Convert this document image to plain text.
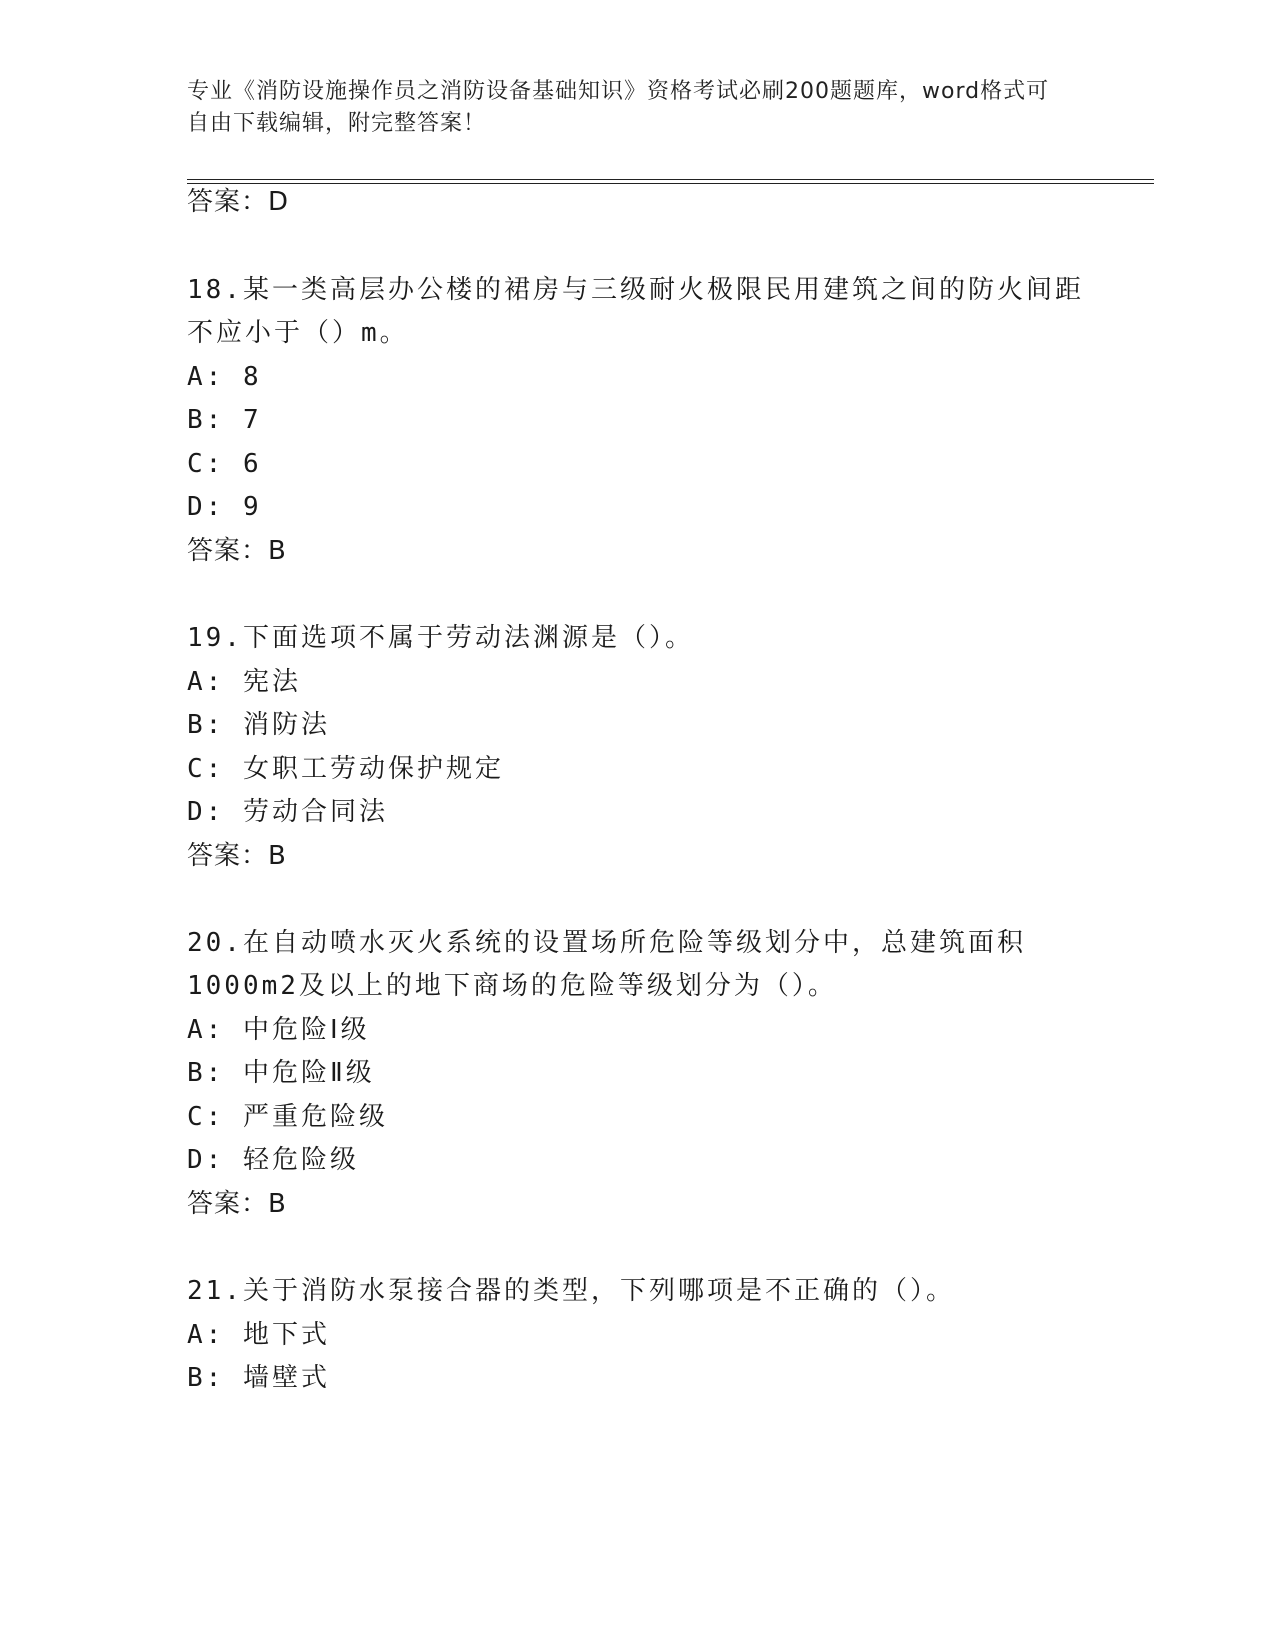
专业《消防设施操作员之消防设备基础知识》资格考试必刷200题题库，word格式可自由下载编辑，附完整答案！
答案：D
18.某一类高层办公楼的裙房与三级耐火极限民用建筑之间的防火间距
不应小于（）m。
A: 8
B: 7
C: 6
D: 9
答案：B
19.下面选项不属于劳动法渊源是（）。
A: 宪法
B: 消防法
C: 女职工劳动保护规定
D: 劳动合同法
答案：B
20.在自动喷水灭火系统的设置场所危险等级划分中，总建筑面积
1000m2及以上的地下商场的危险等级划分为（）。
A: 中危险Ⅰ级
B: 中危险Ⅱ级
C: 严重危险级
D: 轻危险级
答案：B
21.关于消防水泵接合器的类型，下列哪项是不正确的（）。
A: 地下式
B: 墙壁式
